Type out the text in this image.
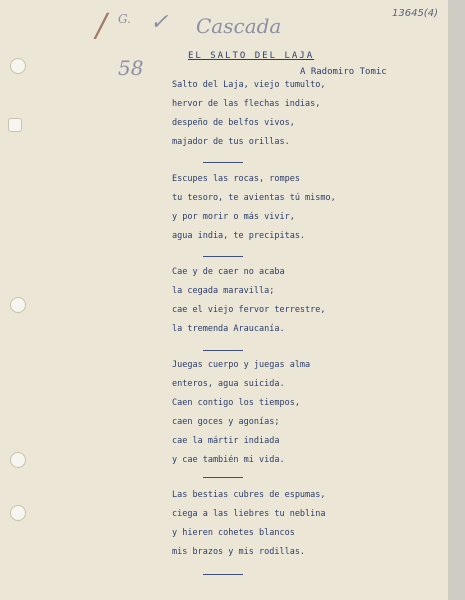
/ G. ✓ Cascada
58
13645(4)
EL SALTO DEL LAJA
A Radomiro Tomic
Salto del Laja, viejo tumulto,
hervor de las flechas indias,
despeño de belfos vivos,
majador de tus orillas.
Escupes las rocas, rompes
tu tesoro, te avientas tú mismo,
y por morir o más vivir,
agua india, te precipitas.
Cae y de caer no acaba
la cegada maravilla;
cae el viejo fervor terrestre,
la tremenda Araucanía.
Juegas cuerpo y juegas alma
enteros, agua suicida.
Caen contigo los tiempos,
caen goces y agonías;
cae la mártir indiada
y cae también mi vida.
Las bestias cubres de espumas,
ciega a las liebres tu neblina
y hieren cohetes blancos
mis brazos y mis rodillas.
